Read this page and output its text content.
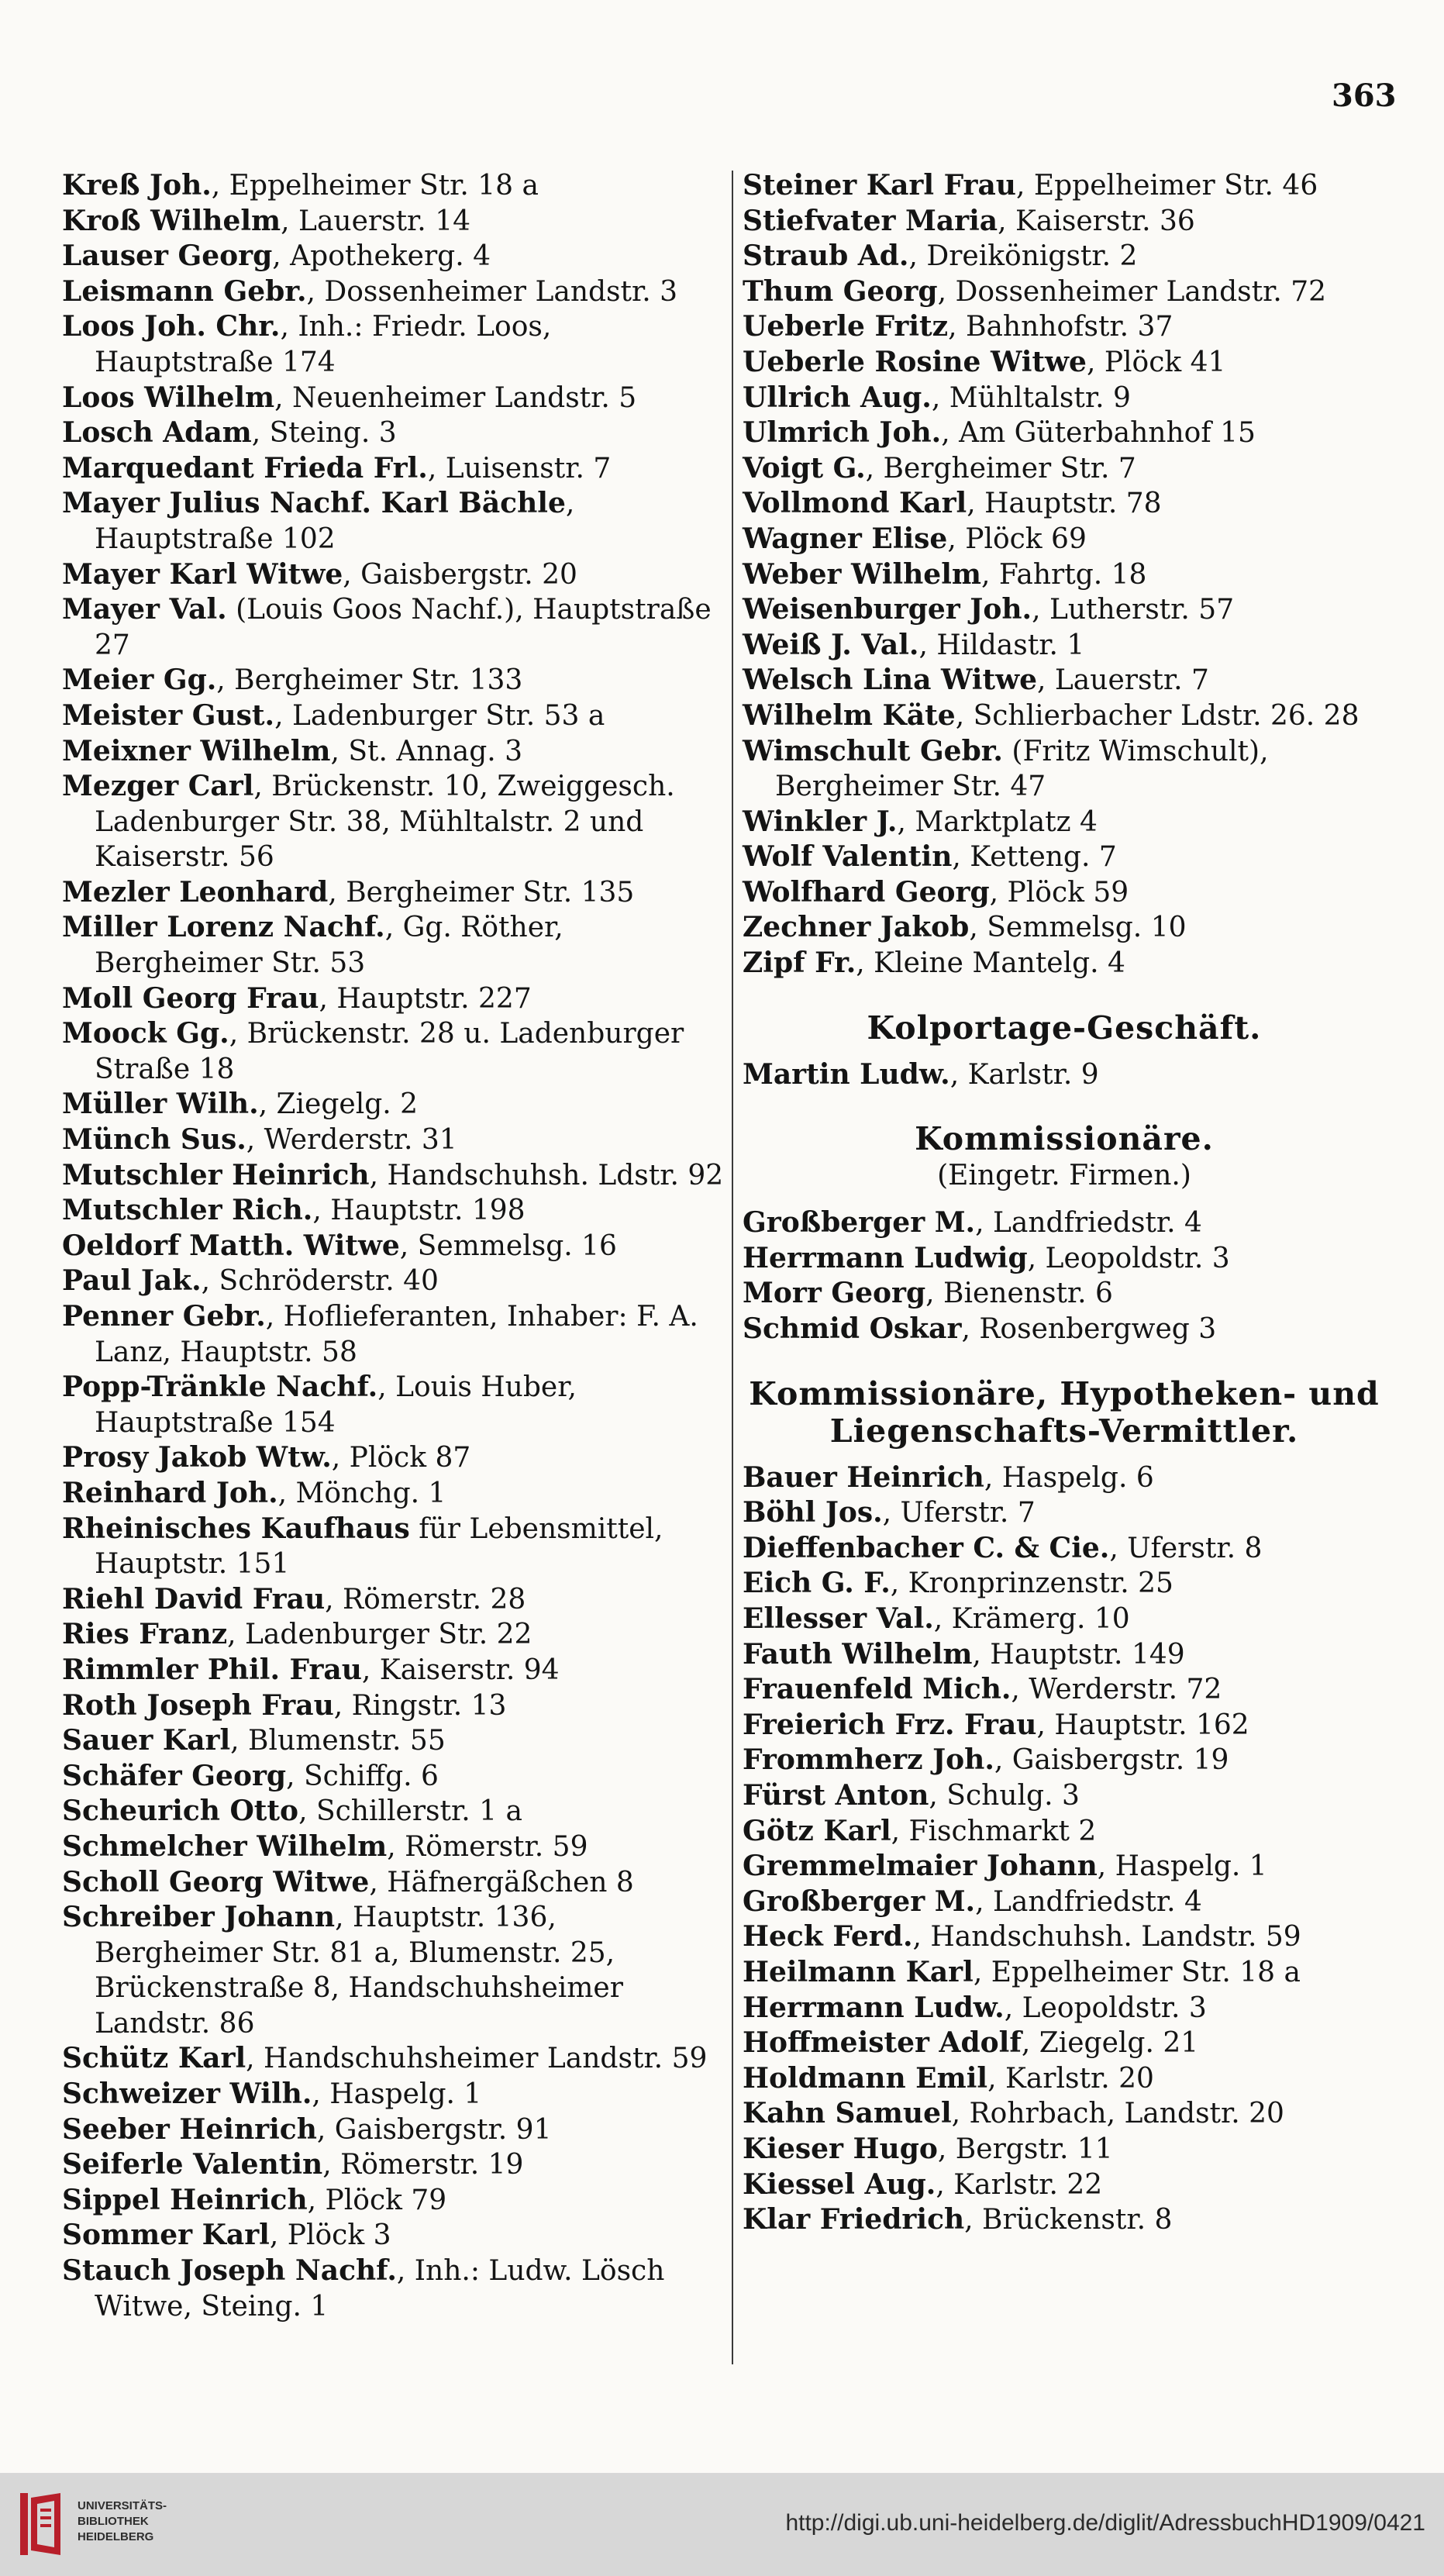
363
Kreß Joh., Eppelheimer Str. 18 a
Kroß Wilhelm, Lauerstr. 14
Lauser Georg, Apothekerg. 4
Leismann Gebr., Dossenheimer Landstr. 3
Loos Joh. Chr., Inh.: Friedr. Loos, Hauptstraße 174
Loos Wilhelm, Neuenheimer Landstr. 5
Losch Adam, Steing. 3
Marquedant Frieda Frl., Luisenstr. 7
Mayer Julius Nachf. Karl Bächle, Hauptstraße 102
Mayer Karl Witwe, Gaisbergstr. 20
Mayer Val. (Louis Goos Nachf.), Hauptstraße 27
Meier Gg., Bergheimer Str. 133
Meister Gust., Ladenburger Str. 53 a
Meixner Wilhelm, St. Annag. 3
Mezger Carl, Brückenstr. 10, Zweiggesch. Ladenburger Str. 38, Mühltalstr. 2 und Kaiserstr. 56
Mezler Leonhard, Bergheimer Str. 135
Miller Lorenz Nachf., Gg. Röther, Bergheimer Str. 53
Moll Georg Frau, Hauptstr. 227
Moock Gg., Brückenstr. 28 u. Ladenburger Straße 18
Müller Wilh., Ziegelg. 2
Münch Sus., Werderstr. 31
Mutschler Heinrich, Handschuhsh. Ldstr. 92
Mutschler Rich., Hauptstr. 198
Oeldorf Matth. Witwe, Semmelsg. 16
Paul Jak., Schröderstr. 40
Penner Gebr., Hoflieferanten, Inhaber: F. A. Lanz, Hauptstr. 58
Popp-Tränkle Nachf., Louis Huber, Hauptstraße 154
Prosy Jakob Wtw., Plöck 87
Reinhard Joh., Mönchg. 1
Rheinisches Kaufhaus für Lebensmittel, Hauptstr. 151
Riehl David Frau, Römerstr. 28
Ries Franz, Ladenburger Str. 22
Rimmler Phil. Frau, Kaiserstr. 94
Roth Joseph Frau, Ringstr. 13
Sauer Karl, Blumenstr. 55
Schäfer Georg, Schiffg. 6
Scheurich Otto, Schillerstr. 1 a
Schmelcher Wilhelm, Römerstr. 59
Scholl Georg Witwe, Häfnergäßchen 8
Schreiber Johann, Hauptstr. 136, Bergheimer Str. 81 a, Blumenstr. 25, Brückenstraße 8, Handschuhsheimer Landstr. 86
Schütz Karl, Handschuhsheimer Landstr. 59
Schweizer Wilh., Haspelg. 1
Seeber Heinrich, Gaisbergstr. 91
Seiferle Valentin, Römerstr. 19
Sippel Heinrich, Plöck 79
Sommer Karl, Plöck 3
Stauch Joseph Nachf., Inh.: Ludw. Lösch Witwe, Steing. 1
Steiner Karl Frau, Eppelheimer Str. 46
Stiefvater Maria, Kaiserstr. 36
Straub Ad., Dreikönigstr. 2
Thum Georg, Dossenheimer Landstr. 72
Ueberle Fritz, Bahnhofstr. 37
Ueberle Rosine Witwe, Plöck 41
Ullrich Aug., Mühltalstr. 9
Ulmrich Joh., Am Güterbahnhof 15
Voigt G., Bergheimer Str. 7
Vollmond Karl, Hauptstr. 78
Wagner Elise, Plöck 69
Weber Wilhelm, Fahrtg. 18
Weisenburger Joh., Lutherstr. 57
Weiß J. Val., Hildastr. 1
Welsch Lina Witwe, Lauerstr. 7
Wilhelm Käte, Schlierbacher Ldstr. 26. 28
Wimschult Gebr. (Fritz Wimschult), Bergheimer Str. 47
Winkler J., Marktplatz 4
Wolf Valentin, Ketteng. 7
Wolfhard Georg, Plöck 59
Zechner Jakob, Semmelsg. 10
Zipf Fr., Kleine Mantelg. 4
Kolportage-Geschäft.
Martin Ludw., Karlstr. 9
Kommissionäre.
(Eingetr. Firmen.)
Großberger M., Landfriedstr. 4
Herrmann Ludwig, Leopoldstr. 3
Morr Georg, Bienenstr. 6
Schmid Oskar, Rosenbergweg 3
Kommissionäre, Hypotheken- und
Liegenschafts-Vermittler.
Bauer Heinrich, Haspelg. 6
Böhl Jos., Uferstr. 7
Dieffenbacher C. & Cie., Uferstr. 8
Eich G. F., Kronprinzenstr. 25
Ellesser Val., Krämerg. 10
Fauth Wilhelm, Hauptstr. 149
Frauenfeld Mich., Werderstr. 72
Freierich Frz. Frau, Hauptstr. 162
Frommherz Joh., Gaisbergstr. 19
Fürst Anton, Schulg. 3
Götz Karl, Fischmarkt 2
Gremmelmaier Johann, Haspelg. 1
Großberger M., Landfriedstr. 4
Heck Ferd., Handschuhsh. Landstr. 59
Heilmann Karl, Eppelheimer Str. 18 a
Herrmann Ludw., Leopoldstr. 3
Hoffmeister Adolf, Ziegelg. 21
Holdmann Emil, Karlstr. 20
Kahn Samuel, Rohrbach, Landstr. 20
Kieser Hugo, Bergstr. 11
Kiessel Aug., Karlstr. 22
Klar Friedrich, Brückenstr. 8
UNIVERSITÄTS-
BIBLIOTHEK
HEIDELBERG
http://digi.ub.uni-heidelberg.de/diglit/AdressbuchHD1909/0421
